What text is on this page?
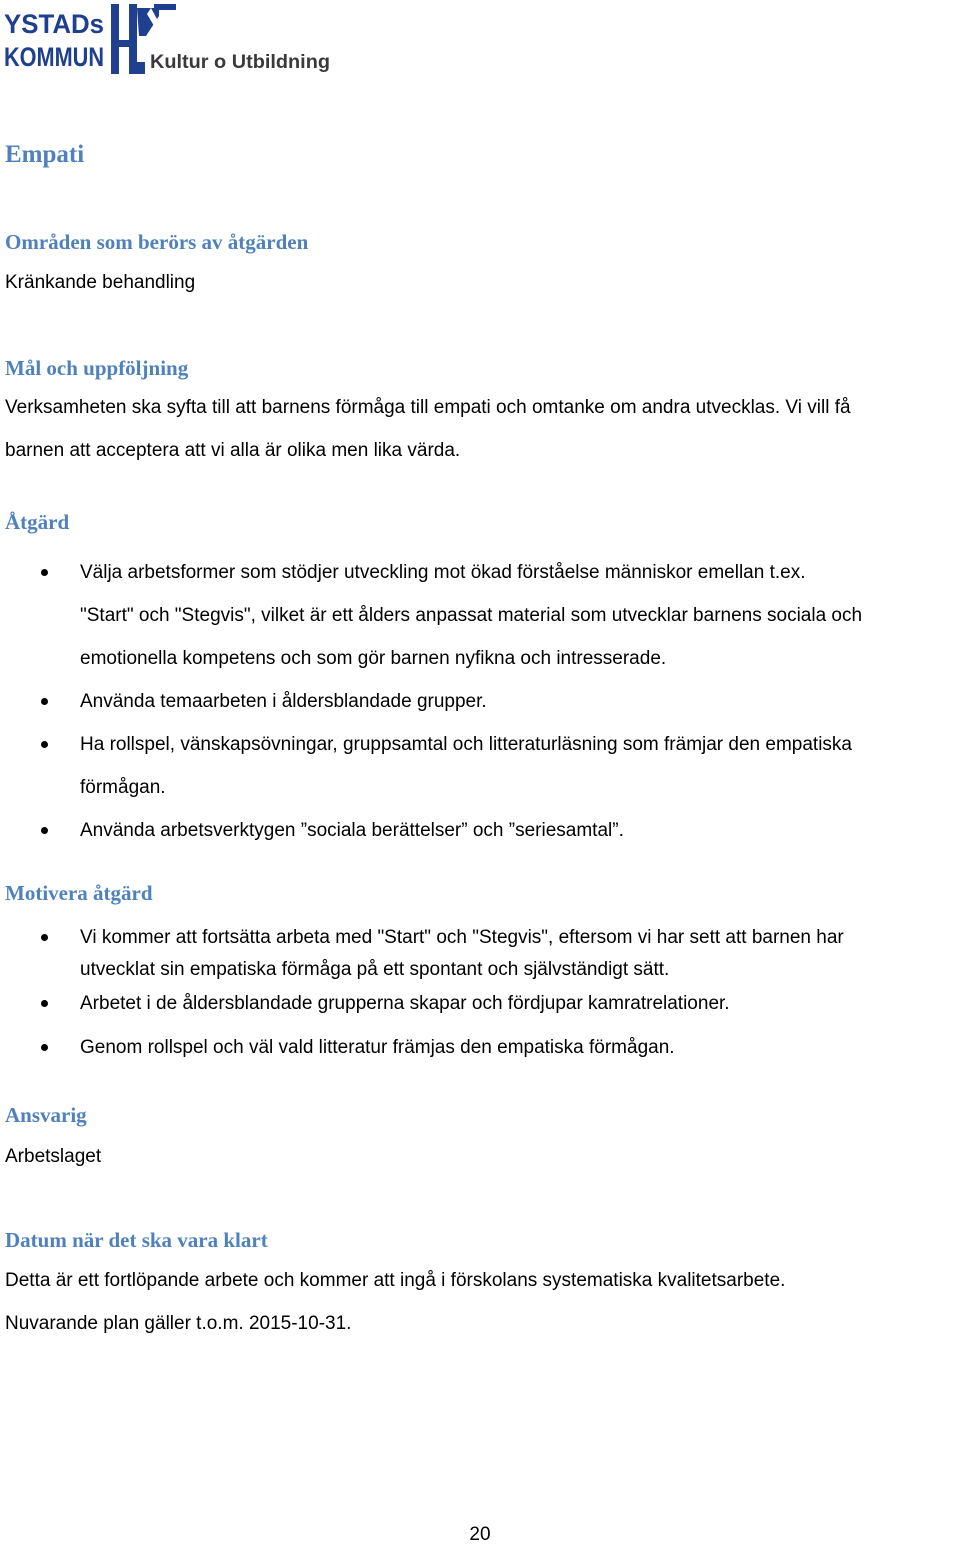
YSTADs
KOMMUN Kultur o Utbildning
Empati
Områden som berörs av åtgärden

Kränkande behandling

Mål och uppföljning

Verksamheten ska syfta till att barnens förmåga till empati och omtanke om andra utvecklas. Vi vill få

barnen att acceptera att vi alla är olika men lika värda.

Åtgärd
Välja arbetsformer som stödjer utveckling mot ökad förståelse människor emellan t.ex.
"Start" och "Stegvis", vilket är ett ålders anpassat material som utvecklar barnens sociala och
emotionella kompetens och som gör barnen nyfikna och intresserade.
Använda temaarbeten i åldersblandade grupper.
Ha rollspel, vänskapsövningar, gruppsamtal och litteraturläsning som främjar den empatiska
förmågan.
Använda arbetsverktygen ”sociala berättelser” och ”seriesamtal”.
Motivera åtgärd
Vi kommer att fortsätta arbeta med "Start" och "Stegvis", eftersom vi har sett att barnen har
utvecklat sin empatiska förmåga på ett spontant och självständigt sätt.
Arbetet i de åldersblandade grupperna skapar och fördjupar kamratrelationer.
Genom rollspel och väl vald litteratur främjas den empatiska förmågan.
Ansvarig

Arbetslaget

Datum när det ska vara klart

Detta är ett fortlöpande arbete och kommer att ingå i förskolans systematiska kvalitetsarbete.

Nuvarande plan gäller t.o.m. 2015-10-31.

20
